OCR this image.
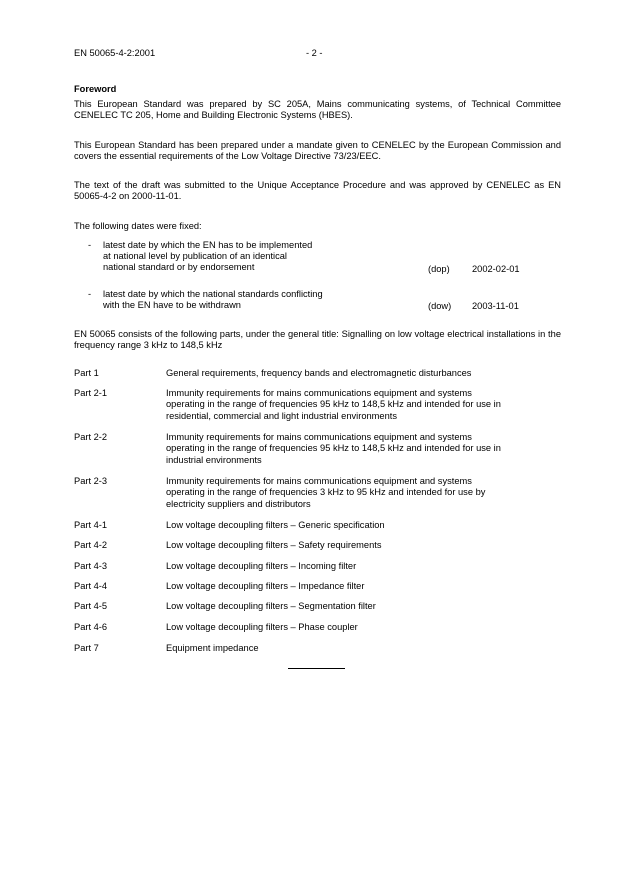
EN 50065-4-2:2001	- 2 -
Foreword
This European Standard was prepared by SC 205A, Mains communicating systems, of Technical Committee CENELEC TC 205, Home and Building Electronic Systems (HBES).
This European Standard has been prepared under a mandate given to CENELEC by the European Commission and covers the essential requirements of the Low Voltage Directive 73/23/EEC.
The text of the draft was submitted to the Unique Acceptance Procedure and was approved by CENELEC as EN 50065-4-2 on 2000-11-01.
The following dates were fixed:
- latest date by which the EN has to be implemented
at national level by publication of an identical
national standard or by endorsement	(dop) 2002-02-01
- latest date by which the national standards conflicting
with the EN have to be withdrawn	(dow) 2003-11-01
EN 50065 consists of the following parts, under the general title: Signalling on low voltage electrical installations in the frequency range 3 kHz to 148,5 kHz
Part 1	General requirements, frequency bands and electromagnetic disturbances
Part 2-1	Immunity requirements for mains communications equipment and systems
operating in the range of frequencies 95 kHz to 148,5 kHz and intended for use in
residential, commercial and light industrial environments
Part 2-2	Immunity requirements for mains communications equipment and systems
operating in the range of frequencies 95 kHz to 148,5 kHz and intended for use in
industrial environments
Part 2-3	Immunity requirements for mains communications equipment and systems
operating in the range of frequencies 3 kHz to 95 kHz and intended for use by
electricity suppliers and distributors
Part 4-1	Low voltage decoupling filters – Generic specification
Part 4-2	Low voltage decoupling filters – Safety requirements
Part 4-3	Low voltage decoupling filters – Incoming filter
Part 4-4	Low voltage decoupling filters – Impedance filter
Part 4-5	Low voltage decoupling filters – Segmentation filter
Part 4-6	Low voltage decoupling filters – Phase coupler
Part 7	Equipment impedance
